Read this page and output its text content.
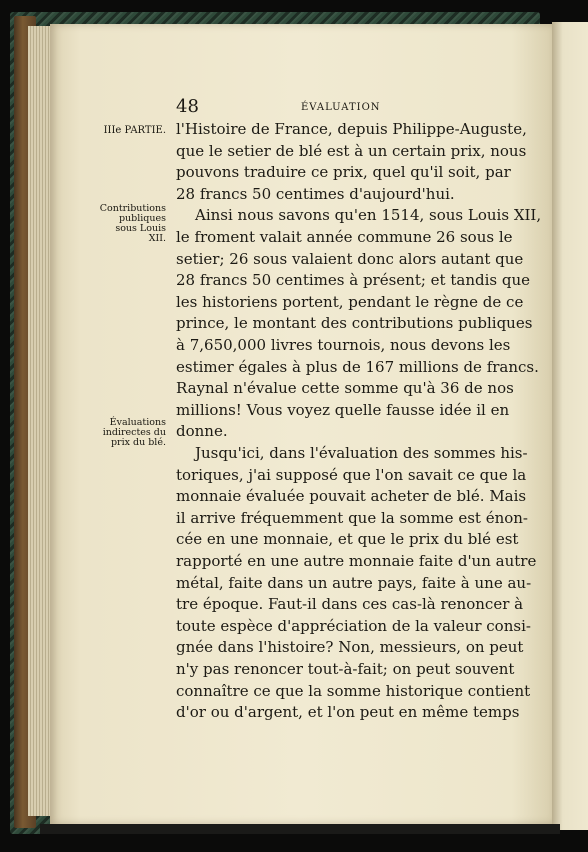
48	ÉVALUATION
IIIe PARTIE.
Contributions publiques sous Louis XII.
Évaluations indirectes du prix du blé.
l'Histoire de France, depuis Philippe-Auguste,
que le setier de blé est à un certain prix, nous
pouvons traduire ce prix, quel qu'il soit, par
28 francs 50 centimes d'aujourd'hui.
Ainsi nous savons qu'en 1514, sous Louis XII,
le froment valait année commune 26 sous le
setier; 26 sous valaient donc alors autant que
28 francs 50 centimes à présent; et tandis que
les historiens portent, pendant le règne de ce
prince, le montant des contributions publiques
à 7,650,000 livres tournois, nous devons les
estimer égales à plus de 167 millions de francs.
Raynal n'évalue cette somme qu'à 36 de nos
millions! Vous voyez quelle fausse idée il en
donne.
Jusqu'ici, dans l'évaluation des sommes his-
toriques, j'ai supposé que l'on savait ce que la
monnaie évaluée pouvait acheter de blé. Mais
il arrive fréquemment que la somme est énon-
cée en une monnaie, et que le prix du blé est
rapporté en une autre monnaie faite d'un autre
métal, faite dans un autre pays, faite à une au-
tre époque. Faut-il dans ces cas-là renoncer à
toute espèce d'appréciation de la valeur consi-
gnée dans l'histoire? Non, messieurs, on peut
n'y pas renoncer tout-à-fait; on peut souvent
connaître ce que la somme historique contient
d'or ou d'argent, et l'on peut en même temps
